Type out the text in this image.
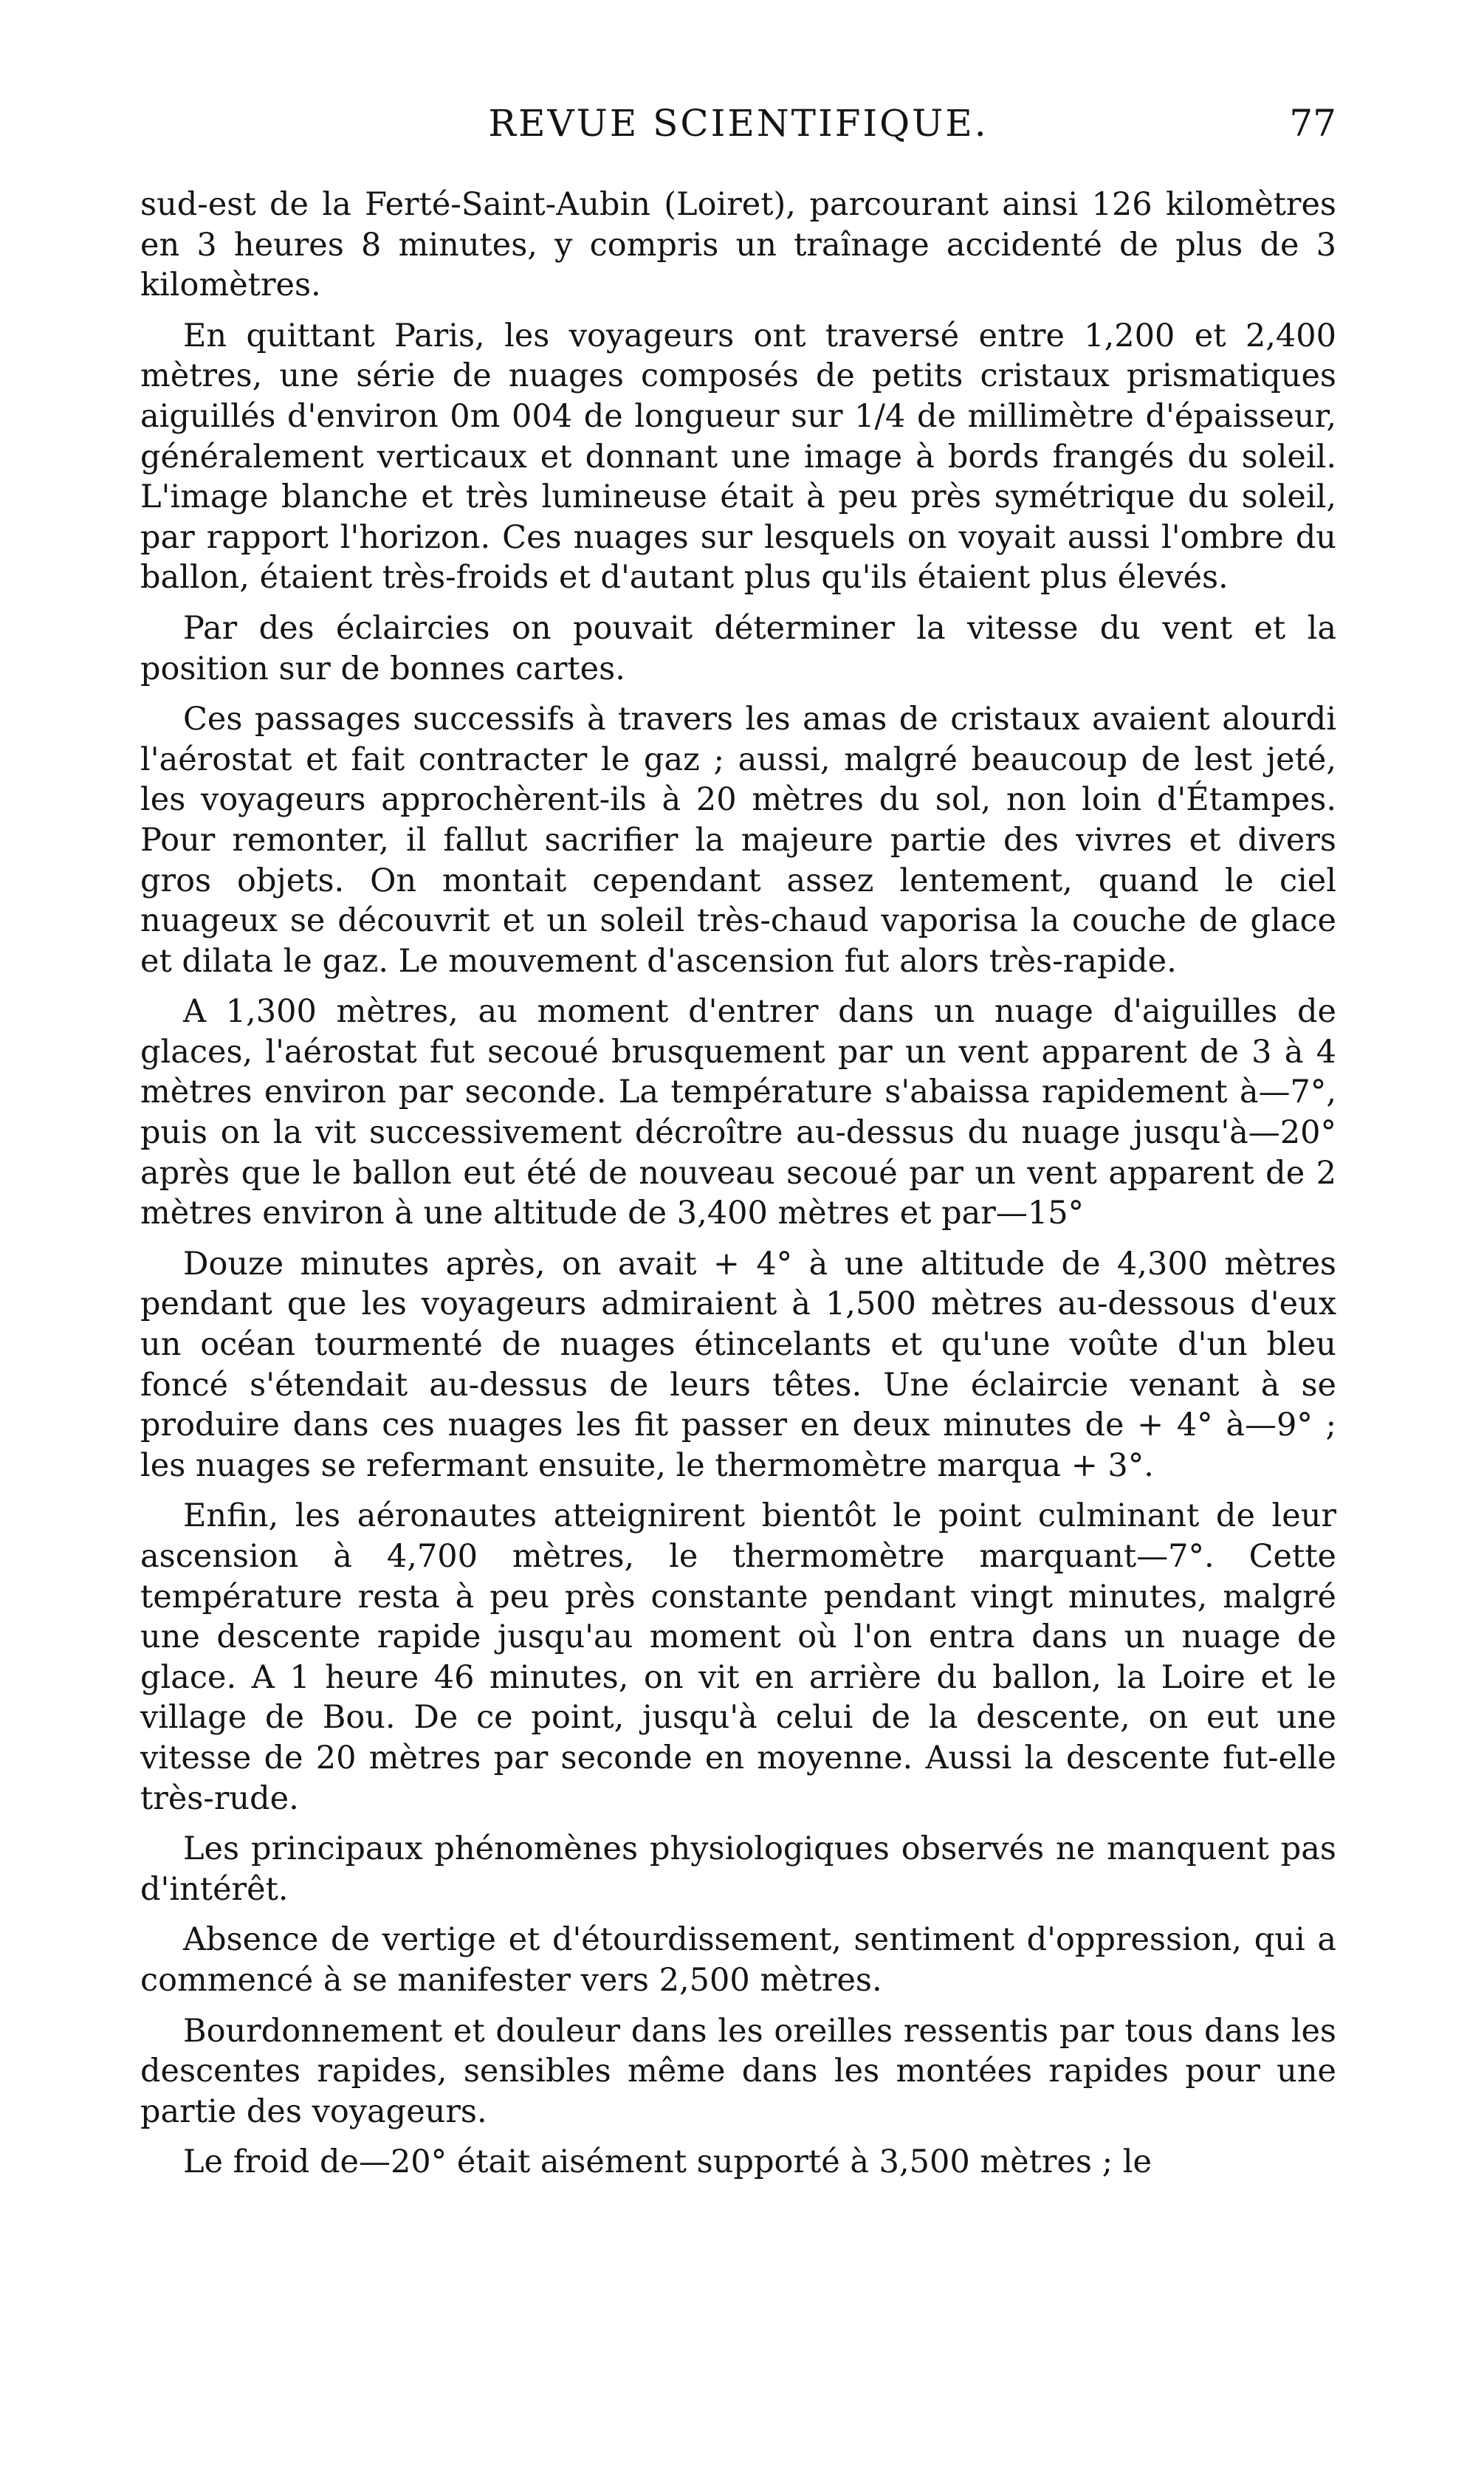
REVUE SCIENTIFIQUE.	77

sud-est de la Ferté-Saint-Aubin (Loiret), parcourant ainsi 126 kilomètres en 3 heures 8 minutes, y compris un traînage accidenté de plus de 3 kilomètres.

En quittant Paris, les voyageurs ont traversé entre 1,200 et 2,400 mètres, une série de nuages composés de petits cristaux prismatiques aiguillés d'environ 0m 004 de longueur sur 1/4 de millimètre d'épaisseur, généralement verticaux et donnant une image à bords frangés du soleil. L'image blanche et très lumineuse était à peu près symétrique du soleil, par rapport l'horizon. Ces nuages sur lesquels on voyait aussi l'ombre du ballon, étaient très-froids et d'autant plus qu'ils étaient plus élevés.

Par des éclaircies on pouvait déterminer la vitesse du vent et la position sur de bonnes cartes.

Ces passages successifs à travers les amas de cristaux avaient alourdi l'aérostat et fait contracter le gaz ; aussi, malgré beaucoup de lest jeté, les voyageurs approchèrent-ils à 20 mètres du sol, non loin d'Étampes. Pour remonter, il fallut sacrifier la majeure partie des vivres et divers gros objets. On montait cependant assez lentement, quand le ciel nuageux se découvrit et un soleil très-chaud vaporisa la couche de glace et dilata le gaz. Le mouvement d'ascension fut alors très-rapide.

A 1,300 mètres, au moment d'entrer dans un nuage d'aiguilles de glaces, l'aérostat fut secoué brusquement par un vent apparent de 3 à 4 mètres environ par seconde. La température s'abaissa rapidement à—7°, puis on la vit successivement décroître au-dessus du nuage jusqu'à—20° après que le ballon eut été de nouveau secoué par un vent apparent de 2 mètres environ à une altitude de 3,400 mètres et par—15°

Douze minutes après, on avait + 4° à une altitude de 4,300 mètres pendant que les voyageurs admiraient à 1,500 mètres au-dessous d'eux un océan tourmenté de nuages étincelants et qu'une voûte d'un bleu foncé s'étendait au-dessus de leurs têtes. Une éclaircie venant à se produire dans ces nuages les fit passer en deux minutes de + 4° à—9° ; les nuages se refermant ensuite, le thermomètre marqua + 3°.

Enfin, les aéronautes atteignirent bientôt le point culminant de leur ascension à 4,700 mètres, le thermomètre marquant—7°. Cette température resta à peu près constante pendant vingt minutes, malgré une descente rapide jusqu'au moment où l'on entra dans un nuage de glace. A 1 heure 46 minutes, on vit en arrière du ballon, la Loire et le village de Bou. De ce point, jusqu'à celui de la descente, on eut une vitesse de 20 mètres par seconde en moyenne. Aussi la descente fut-elle très-rude.

Les principaux phénomènes physiologiques observés ne manquent pas d'intérêt.

Absence de vertige et d'étourdissement, sentiment d'oppression, qui a commencé à se manifester vers 2,500 mètres.

Bourdonnement et douleur dans les oreilles ressentis par tous dans les descentes rapides, sensibles même dans les montées rapides pour une partie des voyageurs.

Le froid de—20° était aisément supporté à 3,500 mètres ; le
